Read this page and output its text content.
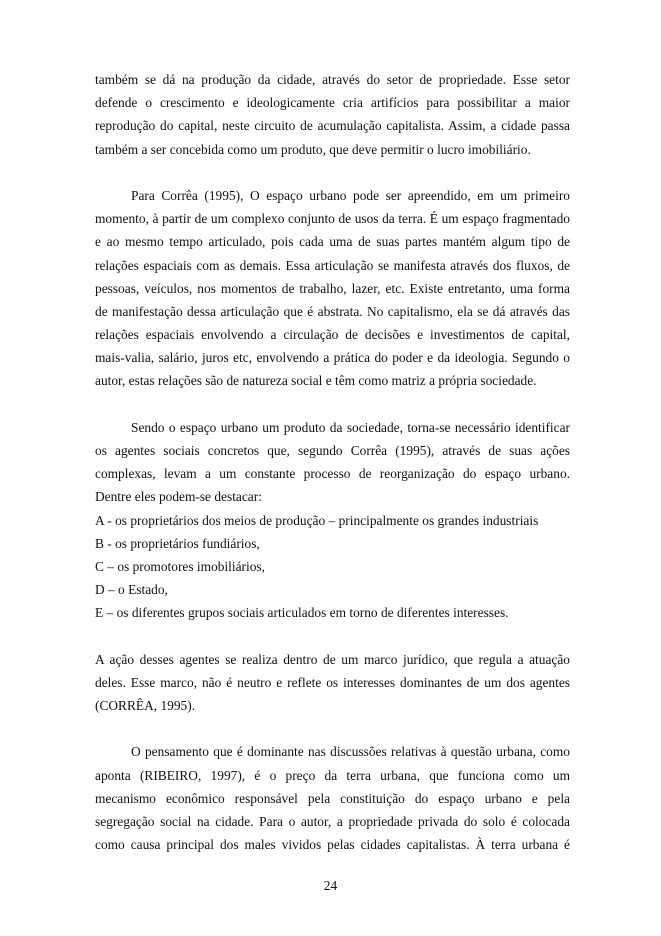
também se dá na produção da cidade, através do setor de propriedade. Esse setor
defende o crescimento e ideologicamente cria artifícios para possibilitar a maior
reprodução do capital, neste circuito de acumulação capitalista. Assim, a cidade passa
também a ser concebida como um produto, que deve permitir o lucro imobiliário.
Para Corrêa (1995), O espaço urbano pode ser apreendido, em um primeiro
momento, à partir de um complexo conjunto de usos da terra. É um espaço fragmentado
e ao mesmo tempo articulado, pois cada uma de suas partes mantém algum tipo de
relações espaciais com as demais. Essa articulação se manifesta através dos fluxos, de
pessoas, veículos, nos momentos de trabalho, lazer, etc. Existe entretanto, uma forma
de manifestação dessa articulação que é abstrata. No capitalismo, ela se dá através das
relações espaciais envolvendo a circulação de decisões e investimentos de capital,
mais-valia, salário, juros etc, envolvendo a prática do poder e da ideologia. Segundo o
autor, estas relações são de natureza social e têm como matriz a própria sociedade.
Sendo o espaço urbano um produto da sociedade, torna-se necessário identificar
os agentes sociais concretos que, segundo Corrêa (1995), através de suas ações
complexas, levam a um constante processo de reorganização do espaço urbano.
Dentre eles podem-se destacar:
A - os proprietários dos meios de produção – principalmente os grandes industriais
B - os proprietários fundiários,
C – os promotores imobiliários,
D – o Estado,
E – os diferentes grupos sociais articulados em torno de diferentes interesses.
A ação desses agentes se realiza dentro de um marco jurídico, que regula a atuação
deles. Esse marco, não é neutro e reflete os interesses dominantes de um dos agentes
(CORRÊA, 1995).
O pensamento que é dominante nas discussões relativas à questão urbana, como
aponta (RIBEIRO, 1997), é o preço da terra urbana, que funciona como um
mecanismo econômico responsável pela constituição do espaço urbano e pela
segregação social na cidade. Para o autor, a propriedade privada do solo é colocada
como causa principal dos males vividos pelas cidades capitalistas. À terra urbana é
24
